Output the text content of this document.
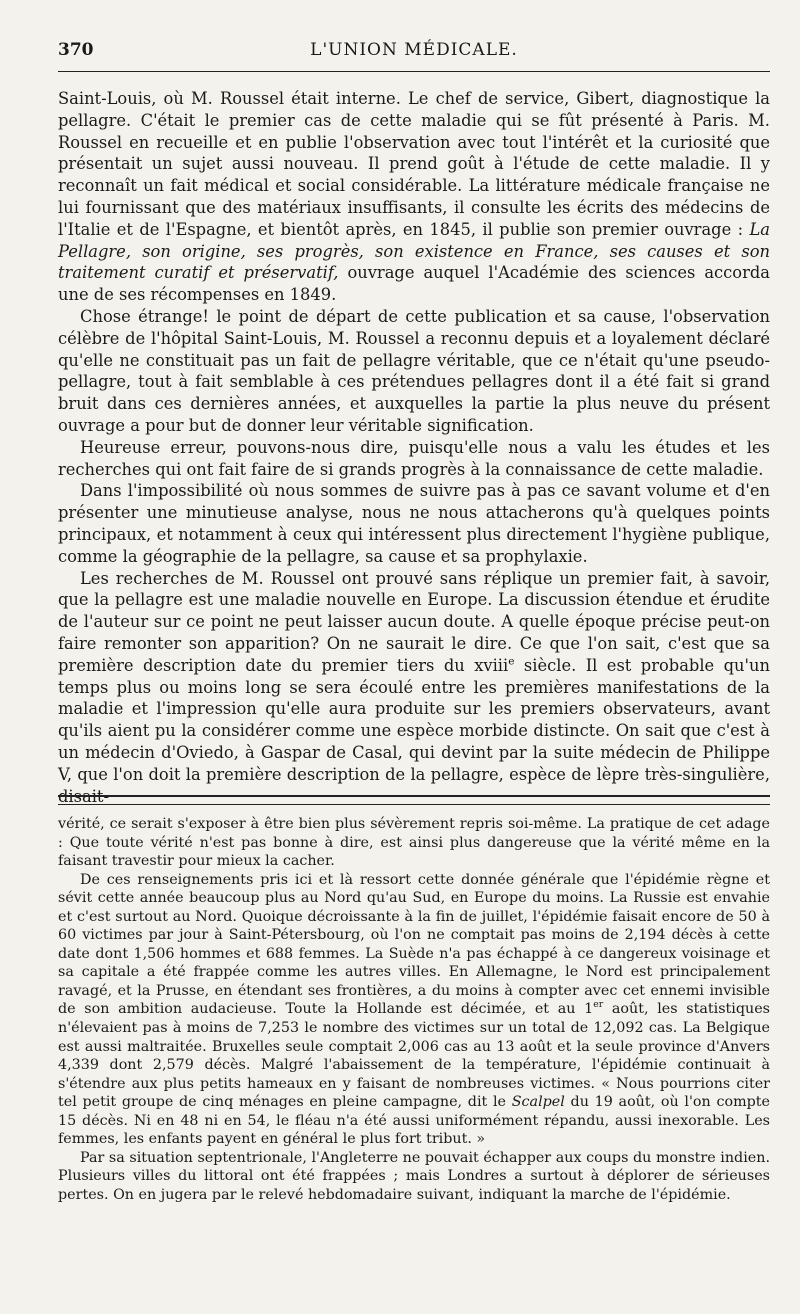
370	L'UNION MÉDICALE.

Saint-Louis, où M. Roussel était interne. Le chef de service, Gibert, diagnostique la pellagre. C'était le premier cas de cette maladie qui se fût présenté à Paris. M. Roussel en recueille et en publie l'observation avec tout l'intérêt et la curiosité que présentait un sujet aussi nouveau. Il prend goût à l'étude de cette maladie. Il y reconnaît un fait médical et social considérable. La littérature médicale française ne lui fournissant que des matériaux insuffisants, il consulte les écrits des médecins de l'Italie et de l'Espagne, et bientôt après, en 1845, il publie son premier ouvrage : La Pellagre, son origine, ses progrès, son existence en France, ses causes et son traitement curatif et préservatif, ouvrage auquel l'Académie des sciences accorda une de ses récompenses en 1849.

Chose étrange! le point de départ de cette publication et sa cause, l'observation célèbre de l'hôpital Saint-Louis, M. Roussel a reconnu depuis et a loyalement déclaré qu'elle ne constituait pas un fait de pellagre véritable, que ce n'était qu'une pseudo-pellagre, tout à fait semblable à ces prétendues pellagres dont il a été fait si grand bruit dans ces dernières années, et auxquelles la partie la plus neuve du présent ouvrage a pour but de donner leur véritable signification.

Heureuse erreur, pouvons-nous dire, puisqu'elle nous a valu les études et les recherches qui ont fait faire de si grands progrès à la connaissance de cette maladie.

Dans l'impossibilité où nous sommes de suivre pas à pas ce savant volume et d'en présenter une minutieuse analyse, nous ne nous attacherons qu'à quelques points principaux, et notamment à ceux qui intéressent plus directement l'hygiène publique, comme la géographie de la pellagre, sa cause et sa prophylaxie.

Les recherches de M. Roussel ont prouvé sans réplique un premier fait, à savoir, que la pellagre est une maladie nouvelle en Europe. La discussion étendue et érudite de l'auteur sur ce point ne peut laisser aucun doute. A quelle époque précise peut-on faire remonter son apparition? On ne saurait le dire. Ce que l'on sait, c'est que sa première description date du premier tiers du xviii$^e$ siècle. Il est probable qu'un temps plus ou moins long se sera écoulé entre les premières manifestations de la maladie et l'impression qu'elle aura produite sur les premiers observateurs, avant qu'ils aient pu la considérer comme une espèce morbide distincte. On sait que c'est à un médecin d'Oviedo, à Gaspar de Casal, qui devint par la suite médecin de Philippe V, que l'on doit la première description de la pellagre, espèce de lèpre très-singulière, disait-

vérité, ce serait s'exposer à être bien plus sévèrement repris soi-même. La pratique de cet adage : Que toute vérité n'est pas bonne à dire, est ainsi plus dangereuse que la vérité même en la faisant travestir pour mieux la cacher.

De ces renseignements pris ici et là ressort cette donnée générale que l'épidémie règne et sévit cette année beaucoup plus au Nord qu'au Sud, en Europe du moins. La Russie est envahie et c'est surtout au Nord. Quoique décroissante à la fin de juillet, l'épidémie faisait encore de 50 à 60 victimes par jour à Saint-Pétersbourg, où l'on ne comptait pas moins de 2,194 décès à cette date dont 1,506 hommes et 688 femmes. La Suède n'a pas échappé à ce dangereux voisinage et sa capitale a été frappée comme les autres villes. En Allemagne, le Nord est principalement ravagé, et la Prusse, en étendant ses frontières, a du moins à compter avec cet ennemi invisible de son ambition audacieuse. Toute la Hollande est décimée, et au 1er août, les statistiques n'élevaient pas à moins de 7,253 le nombre des victimes sur un total de 12,092 cas. La Belgique est aussi maltraitée. Bruxelles seule comptait 2,006 cas au 13 août et la seule province d'Anvers 4,339 dont 2,579 décès. Malgré l'abaissement de la température, l'épidémie continuait à s'étendre aux plus petits hameaux en y faisant de nombreuses victimes. « Nous pourrions citer tel petit groupe de cinq ménages en pleine campagne, dit le Scalpel du 19 août, où l'on compte 15 décès. Ni en 48 ni en 54, le fléau n'a été aussi uniformément répandu, aussi inexorable. Les femmes, les enfants payent en général le plus fort tribut. »

Par sa situation septentrionale, l'Angleterre ne pouvait échapper aux coups du monstre indien. Plusieurs villes du littoral ont été frappées ; mais Londres a surtout à déplorer de sérieuses pertes. On en jugera par le relevé hebdomadaire suivant, indiquant la marche de l'épidémie.
